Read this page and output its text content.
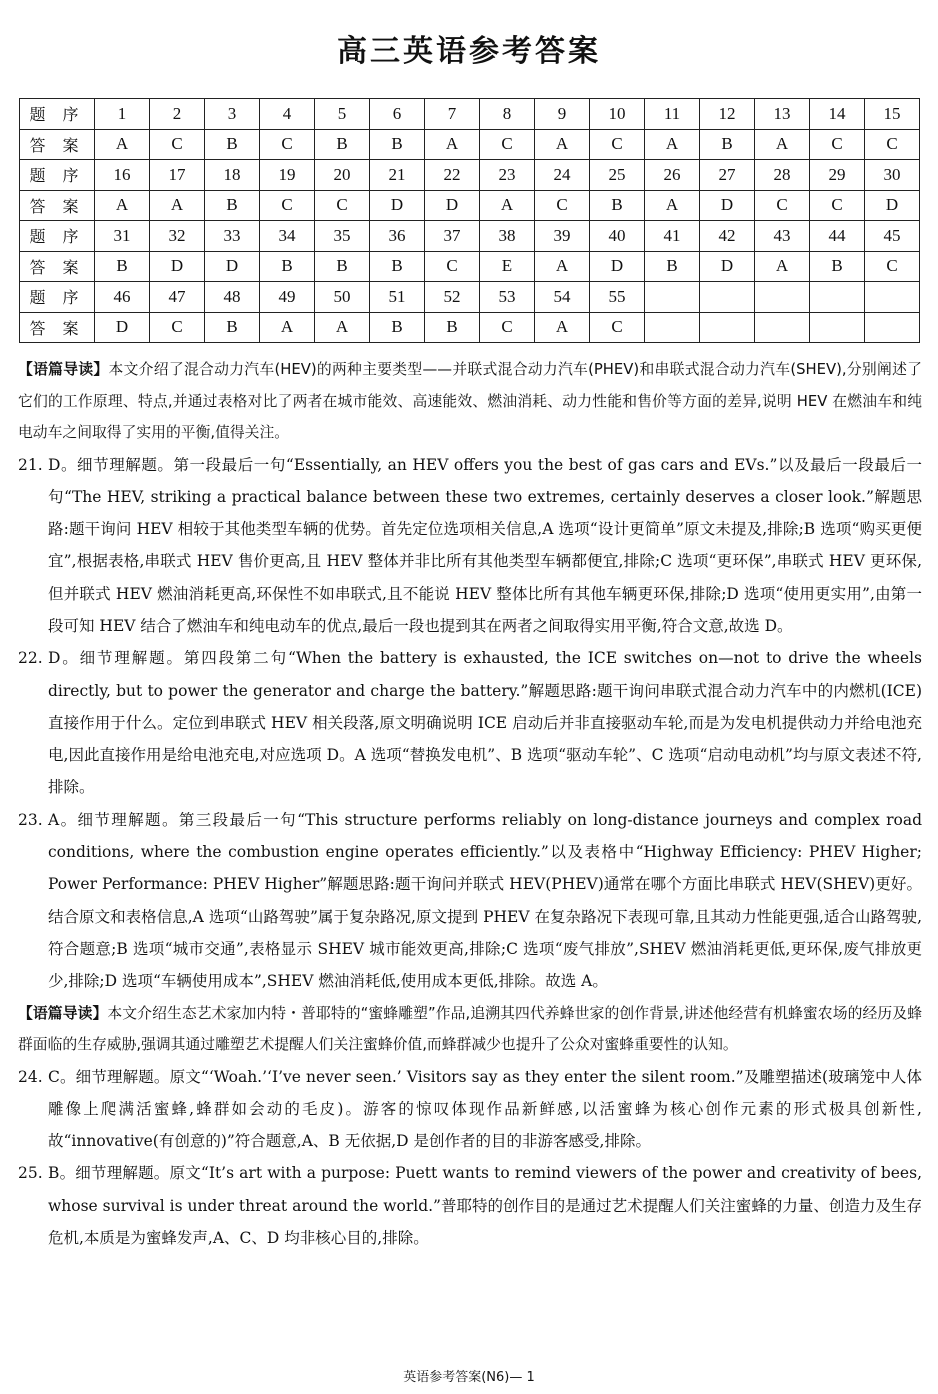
高三英语参考答案
题 序	1	2	3	4	5	6	7	8	9	10	11	12	13	14	15
答 案	A	C	B	C	B	B	A	C	A	C	A	B	A	C	C
题 序	16	17	18	19	20	21	22	23	24	25	26	27	28	29	30
答 案	A	A	B	C	C	D	D	A	C	B	A	D	C	C	D
题 序	31	32	33	34	35	36	37	38	39	40	41	42	43	44	45
答 案	B	D	D	B	B	B	C	E	A	D	B	D	A	B	C
题 序	46	47	48	49	50	51	52	53	54	55					
答 案	D	C	B	A	A	B	B	C	A	C					
【语篇导读】本文介绍了混合动力汽车(HEV)的两种主要类型——并联式混合动力汽车(PHEV)和串联式混合动力汽车(SHEV),分别阐述了它们的工作原理、特点,并通过表格对比了两者在城市能效、高速能效、燃油消耗、动力性能和售价等方面的差异,说明 HEV 在燃油车和纯电动车之间取得了实用的平衡,值得关注。
21. D。细节理解题。第一段最后一句“Essentially, an HEV offers you the best of gas cars and EVs.”以及最后一段最后一句“The HEV, striking a practical balance between these two extremes, certainly deserves a closer look.”解题思路:题干询问 HEV 相较于其他类型车辆的优势。首先定位选项相关信息,A 选项“设计更简单”原文未提及,排除;B 选项“购买更便宜”,根据表格,串联式 HEV 售价更高,且 HEV 整体并非比所有其他类型车辆都便宜,排除;C 选项“更环保”,串联式 HEV 更环保,但并联式 HEV 燃油消耗更高,环保性不如串联式,且不能说 HEV 整体比所有其他车辆更环保,排除;D 选项“使用更实用”,由第一段可知 HEV 结合了燃油车和纯电动车的优点,最后一段也提到其在两者之间取得实用平衡,符合文意,故选 D。
22. D。细节理解题。第四段第二句“When the battery is exhausted, the ICE switches on—not to drive the wheels directly, but to power the generator and charge the battery.”解题思路:题干询问串联式混合动力汽车中的内燃机(ICE)直接作用于什么。定位到串联式 HEV 相关段落,原文明确说明 ICE 启动后并非直接驱动车轮,而是为发电机提供动力并给电池充电,因此直接作用是给电池充电,对应选项 D。A 选项“替换发电机”、B 选项“驱动车轮”、C 选项“启动电动机”均与原文表述不符,排除。
23. A。细节理解题。第三段最后一句“This structure performs reliably on long-distance journeys and complex road conditions, where the combustion engine operates efficiently.”以及表格中“Highway Efficiency: PHEV Higher; Power Performance: PHEV Higher”解题思路:题干询问并联式 HEV(PHEV)通常在哪个方面比串联式 HEV(SHEV)更好。结合原文和表格信息,A 选项“山路驾驶”属于复杂路况,原文提到 PHEV 在复杂路况下表现可靠,且其动力性能更强,适合山路驾驶,符合题意;B 选项“城市交通”,表格显示 SHEV 城市能效更高,排除;C 选项“废气排放”,SHEV 燃油消耗更低,更环保,废气排放更少,排除;D 选项“车辆使用成本”,SHEV 燃油消耗低,使用成本更低,排除。故选 A。
【语篇导读】本文介绍生态艺术家加内特・普耶特的“蜜蜂雕塑”作品,追溯其四代养蜂世家的创作背景,讲述他经营有机蜂蜜农场的经历及蜂群面临的生存威胁,强调其通过雕塑艺术提醒人们关注蜜蜂价值,而蜂群减少也提升了公众对蜜蜂重要性的认知。
24. C。细节理解题。原文“‘Woah.’‘I’ve never seen.’ Visitors say as they enter the silent room.”及雕塑描述(玻璃笼中人体雕像上爬满活蜜蜂,蜂群如会动的毛皮)。游客的惊叹体现作品新鲜感,以活蜜蜂为核心创作元素的形式极具创新性,故“innovative(有创意的)”符合题意,A、B 无依据,D 是创作者的目的非游客感受,排除。
25. B。细节理解题。原文“It’s art with a purpose: Puett wants to remind viewers of the power and creativity of bees, whose survival is under threat around the world.”普耶特的创作目的是通过艺术提醒人们关注蜜蜂的力量、创造力及生存危机,本质是为蜜蜂发声,A、C、D 均非核心目的,排除。
英语参考答案(N6)— 1
